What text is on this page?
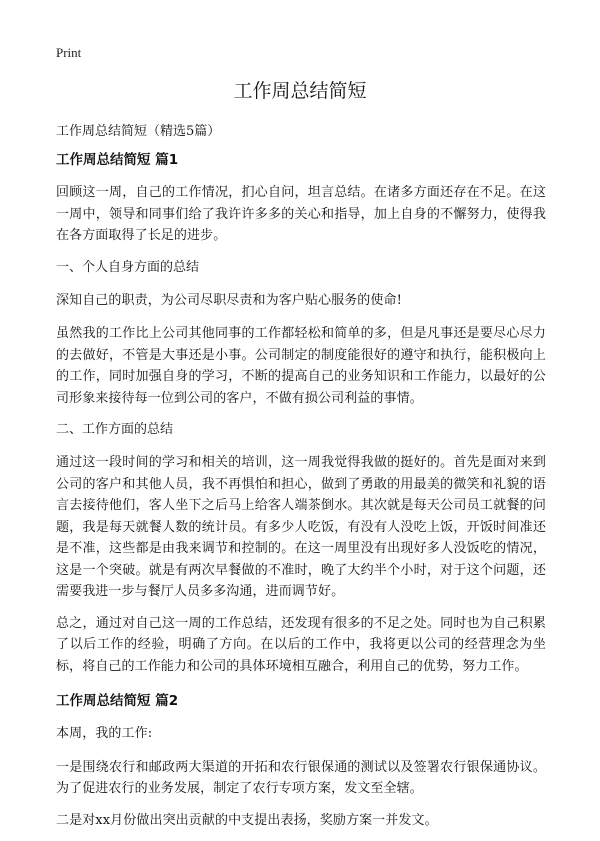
Print
工作周总结简短

工作周总结简短（精选5篇）

工作周总结简短 篇1

回顾这一周，自己的工作情况，扪心自问，坦言总结。在诸多方面还存在不足。在这一周中，领导和同事们给了我许许多多的关心和指导，加上自身的不懈努力，使得我在各方面取得了长足的进步。

一、个人自身方面的总结

深知自己的职责，为公司尽职尽责和为客户贴心服务的使命!

虽然我的工作比上公司其他同事的工作都轻松和简单的多，但是凡事还是要尽心尽力的去做好，不管是大事还是小事。公司制定的制度能很好的遵守和执行，能积极向上的工作，同时加强自身的学习，不断的提高自己的业务知识和工作能力，以最好的公司形象来接待每一位到公司的客户，不做有损公司利益的事情。

二、工作方面的总结

通过这一段时间的学习和相关的培训，这一周我觉得我做的挺好的。首先是面对来到公司的客户和其他人员，我不再惧怕和担心，做到了勇敢的用最美的微笑和礼貌的语言去接待他们，客人坐下之后马上给客人端茶倒水。其次就是每天公司员工就餐的问题，我是每天就餐人数的统计员。有多少人吃饭，有没有人没吃上饭，开饭时间准还是不准，这些都是由我来调节和控制的。在这一周里没有出现好多人没饭吃的情况，这是一个突破。就是有两次早餐做的不准时，晚了大约半个小时，对于这个问题，还需要我进一步与餐厅人员多多沟通，进而调节好。

总之，通过对自己这一周的工作总结，还发现有很多的不足之处。同时也为自己积累了以后工作的经验，明确了方向。在以后的工作中，我将更以公司的经营理念为坐标，将自己的工作能力和公司的具体环境相互融合，利用自己的优势，努力工作。

工作周总结简短 篇2

本周，我的工作:

一是围绕农行和邮政两大渠道的开拓和农行银保通的测试以及签署农行银保通协议。为了促进农行的业务发展，制定了农行专项方案，发文至全辖。

二是对xx月份做出突出贡献的中支提出表扬，奖励方案一并发文。
